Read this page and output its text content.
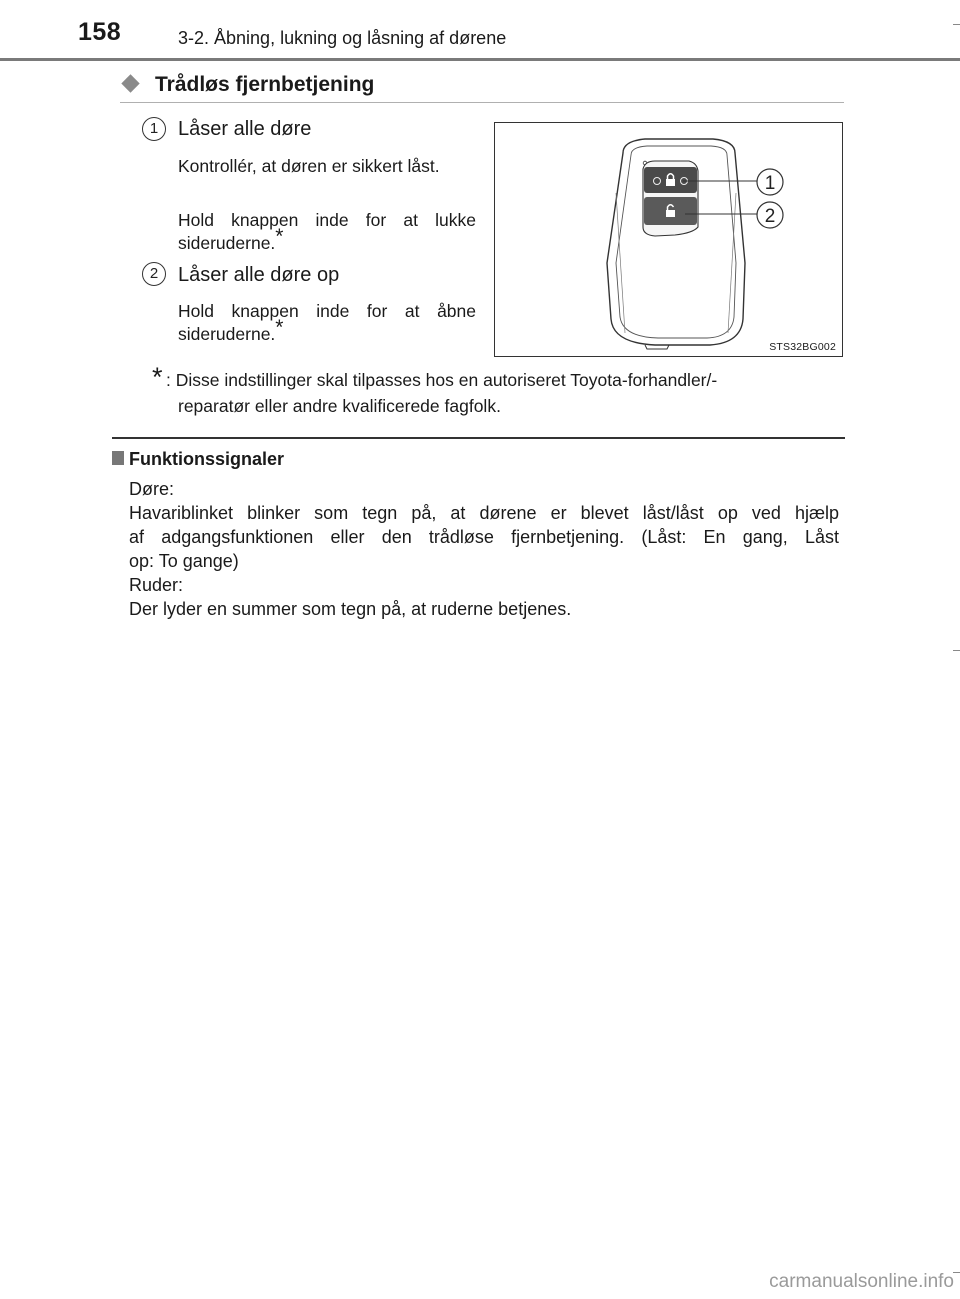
158	3-2. Åbning, lukning og låsning af dørene
Trådløs fjernbetjening
1 Låser alle døre
Kontrollér, at døren er sikkert låst.
Hold knappen inde for at lukke sideruderne.*
2 Låser alle døre op
Hold knappen inde for at åbne sideruderne.*
1
2
STS32BG002
* : Disse indstillinger skal tilpasses hos en autoriseret Toyota-forhandler/-
reparatør eller andre kvalificerede fagfolk.
Funktionssignaler
Døre:
Havariblinket blinker som tegn på, at dørene er blevet låst/låst op ved hjælp
af adgangsfunktionen eller den trådløse fjernbetjening. (Låst: En gang, Låst
op: To gange)
Ruder:
Der lyder en summer som tegn på, at ruderne betjenes.
carmanualsonline.info
